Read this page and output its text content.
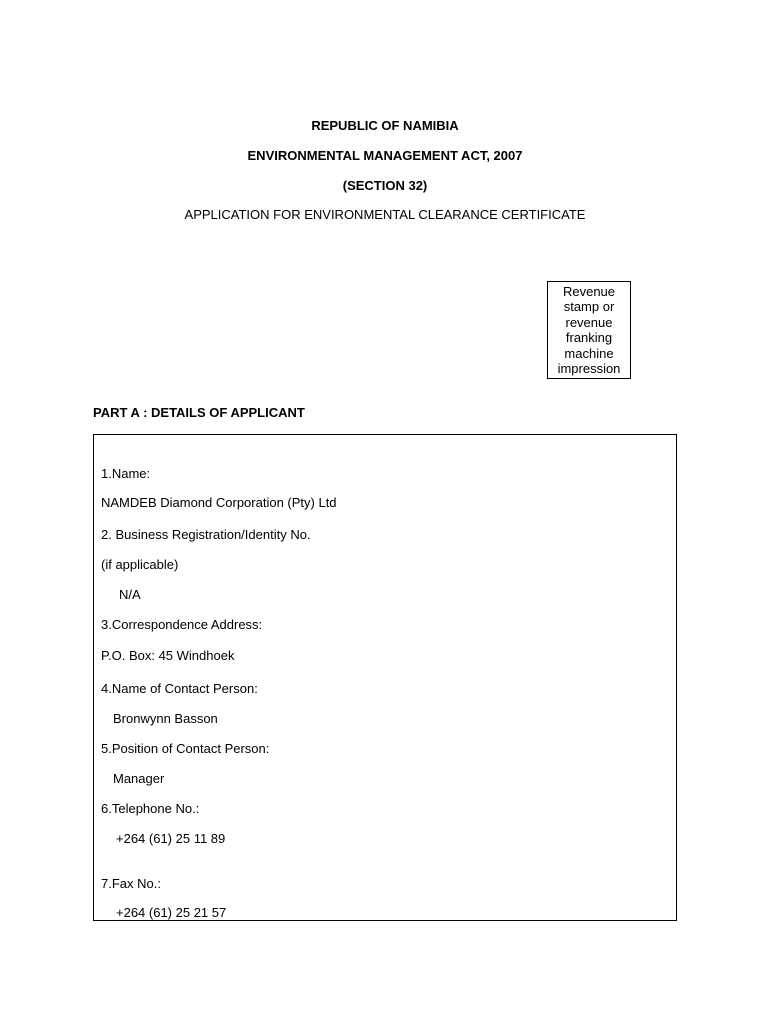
REPUBLIC OF NAMIBIA
ENVIRONMENTAL MANAGEMENT ACT, 2007
(SECTION 32)
APPLICATION FOR ENVIRONMENTAL CLEARANCE CERTIFICATE
Revenue
stamp or
revenue
franking
machine
impression
PART A : DETAILS OF APPLICANT
1.Name:
NAMDEB Diamond Corporation (Pty) Ltd
2. Business Registration/Identity No.
(if applicable)
N/A
3.Correspondence Address:
P.O. Box: 45 Windhoek
4.Name of Contact Person:
Bronwynn Basson
5.Position of Contact Person:
Manager
6.Telephone No.:
+264 (61) 25 11 89
7.Fax No.:
+264 (61) 25 21 57
